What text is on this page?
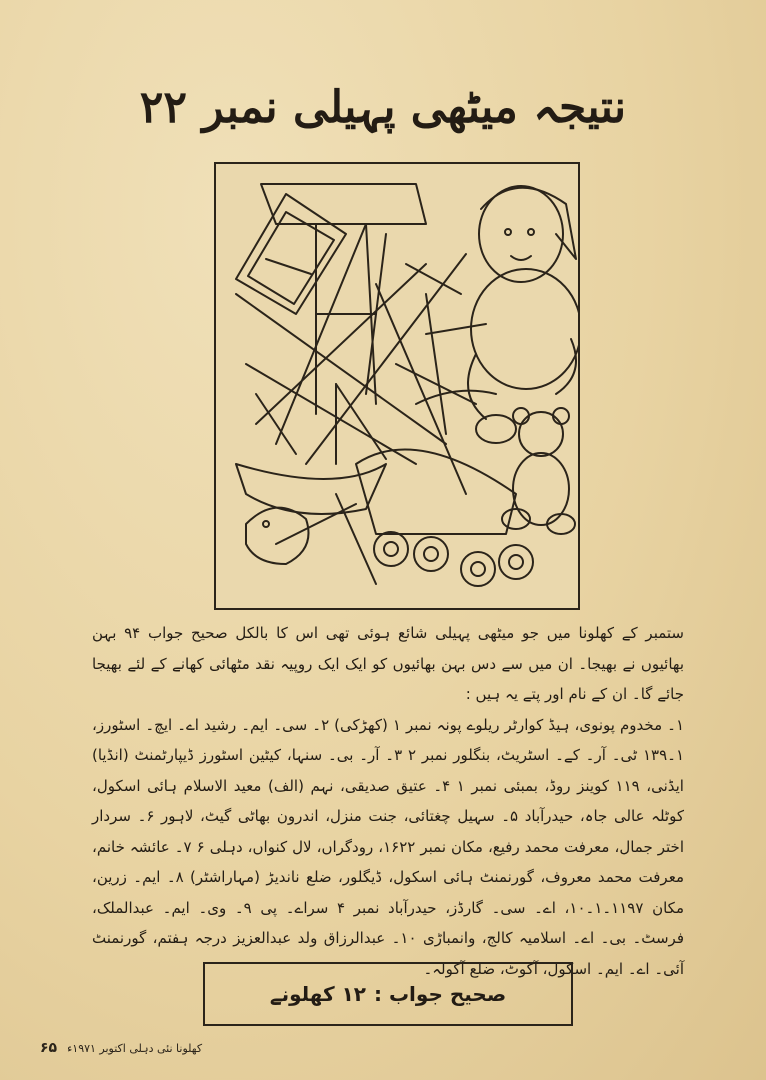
نتیجہ میٹھی پہیلی نمبر ۲۲

ستمبر کے کھلونا میں جو میٹھی پہیلی شائع ہوئی تھی اس کا بالکل صحیح جواب ۹۴ بہن بھائیوں نے بھیجا۔ ان میں سے دس بہن بھائیوں کو ایک ایک روپیہ نقد مٹھائی کھانے کے لئے بھیجا جائے گا۔ ان کے نام اور پتے یہ ہیں :

۱۔ مخدوم پونوی، ہیڈ کوارٹر ریلوے پونہ نمبر ۱ (کھڑکی) ۲۔ سی۔ ایم۔ رشید اے۔ ایچ۔ اسٹورز، ۱۔۱۳۹ ٹی۔ آر۔ کے۔ اسٹریٹ، بنگلور نمبر ۲ ۳۔ آر۔ بی۔ سنہا، کیٹین اسٹورز ڈیپارٹمنٹ (انڈیا) ایڈنی، ۱۱۹ کوینز روڈ، بمبئی نمبر ۱ ۴۔ عتیق صدیقی، نہم (الف) معید الاسلام ہائی اسکول، کوٹلہ عالی جاہ، حیدرآباد ۵۔ سہیل چغتائی، جنت منزل، اندرون بھاٹی گیٹ، لاہور ۶۔ سردار اختر جمال، معرفت محمد رفیع، مکان نمبر ۱۶۲۲، رودگراں، لال کنواں، دہلی ۶ ۷۔ عائشہ خانم، معرفت محمد معروف، گورنمنٹ ہائی اسکول، ڈیگلور، ضلع ناندیڑ (مہاراشٹر) ۸۔ ایم۔ زرین، مکان ۱۱۹۷۔۱۔۱۰، اے۔ سی۔ گارڈز، حیدرآباد نمبر ۴ سراے۔ پی ۹۔ وی۔ ایم۔ عبدالملک، فرسٹ۔ بی۔ اے۔ اسلامیہ کالج، وانمباڑی ۱۰۔ عبدالرزاق ولد عبدالعزیز درجہ ہفتم، گورنمنٹ آئی۔ اے۔ ایم۔ اسکول، آکوٹ، ضلع آکولہ۔

صحیح جواب :
۱۲ کھلونے
۶۵ کھلونا نئی دہلی اکتوبر ۱۹۷۱ء
